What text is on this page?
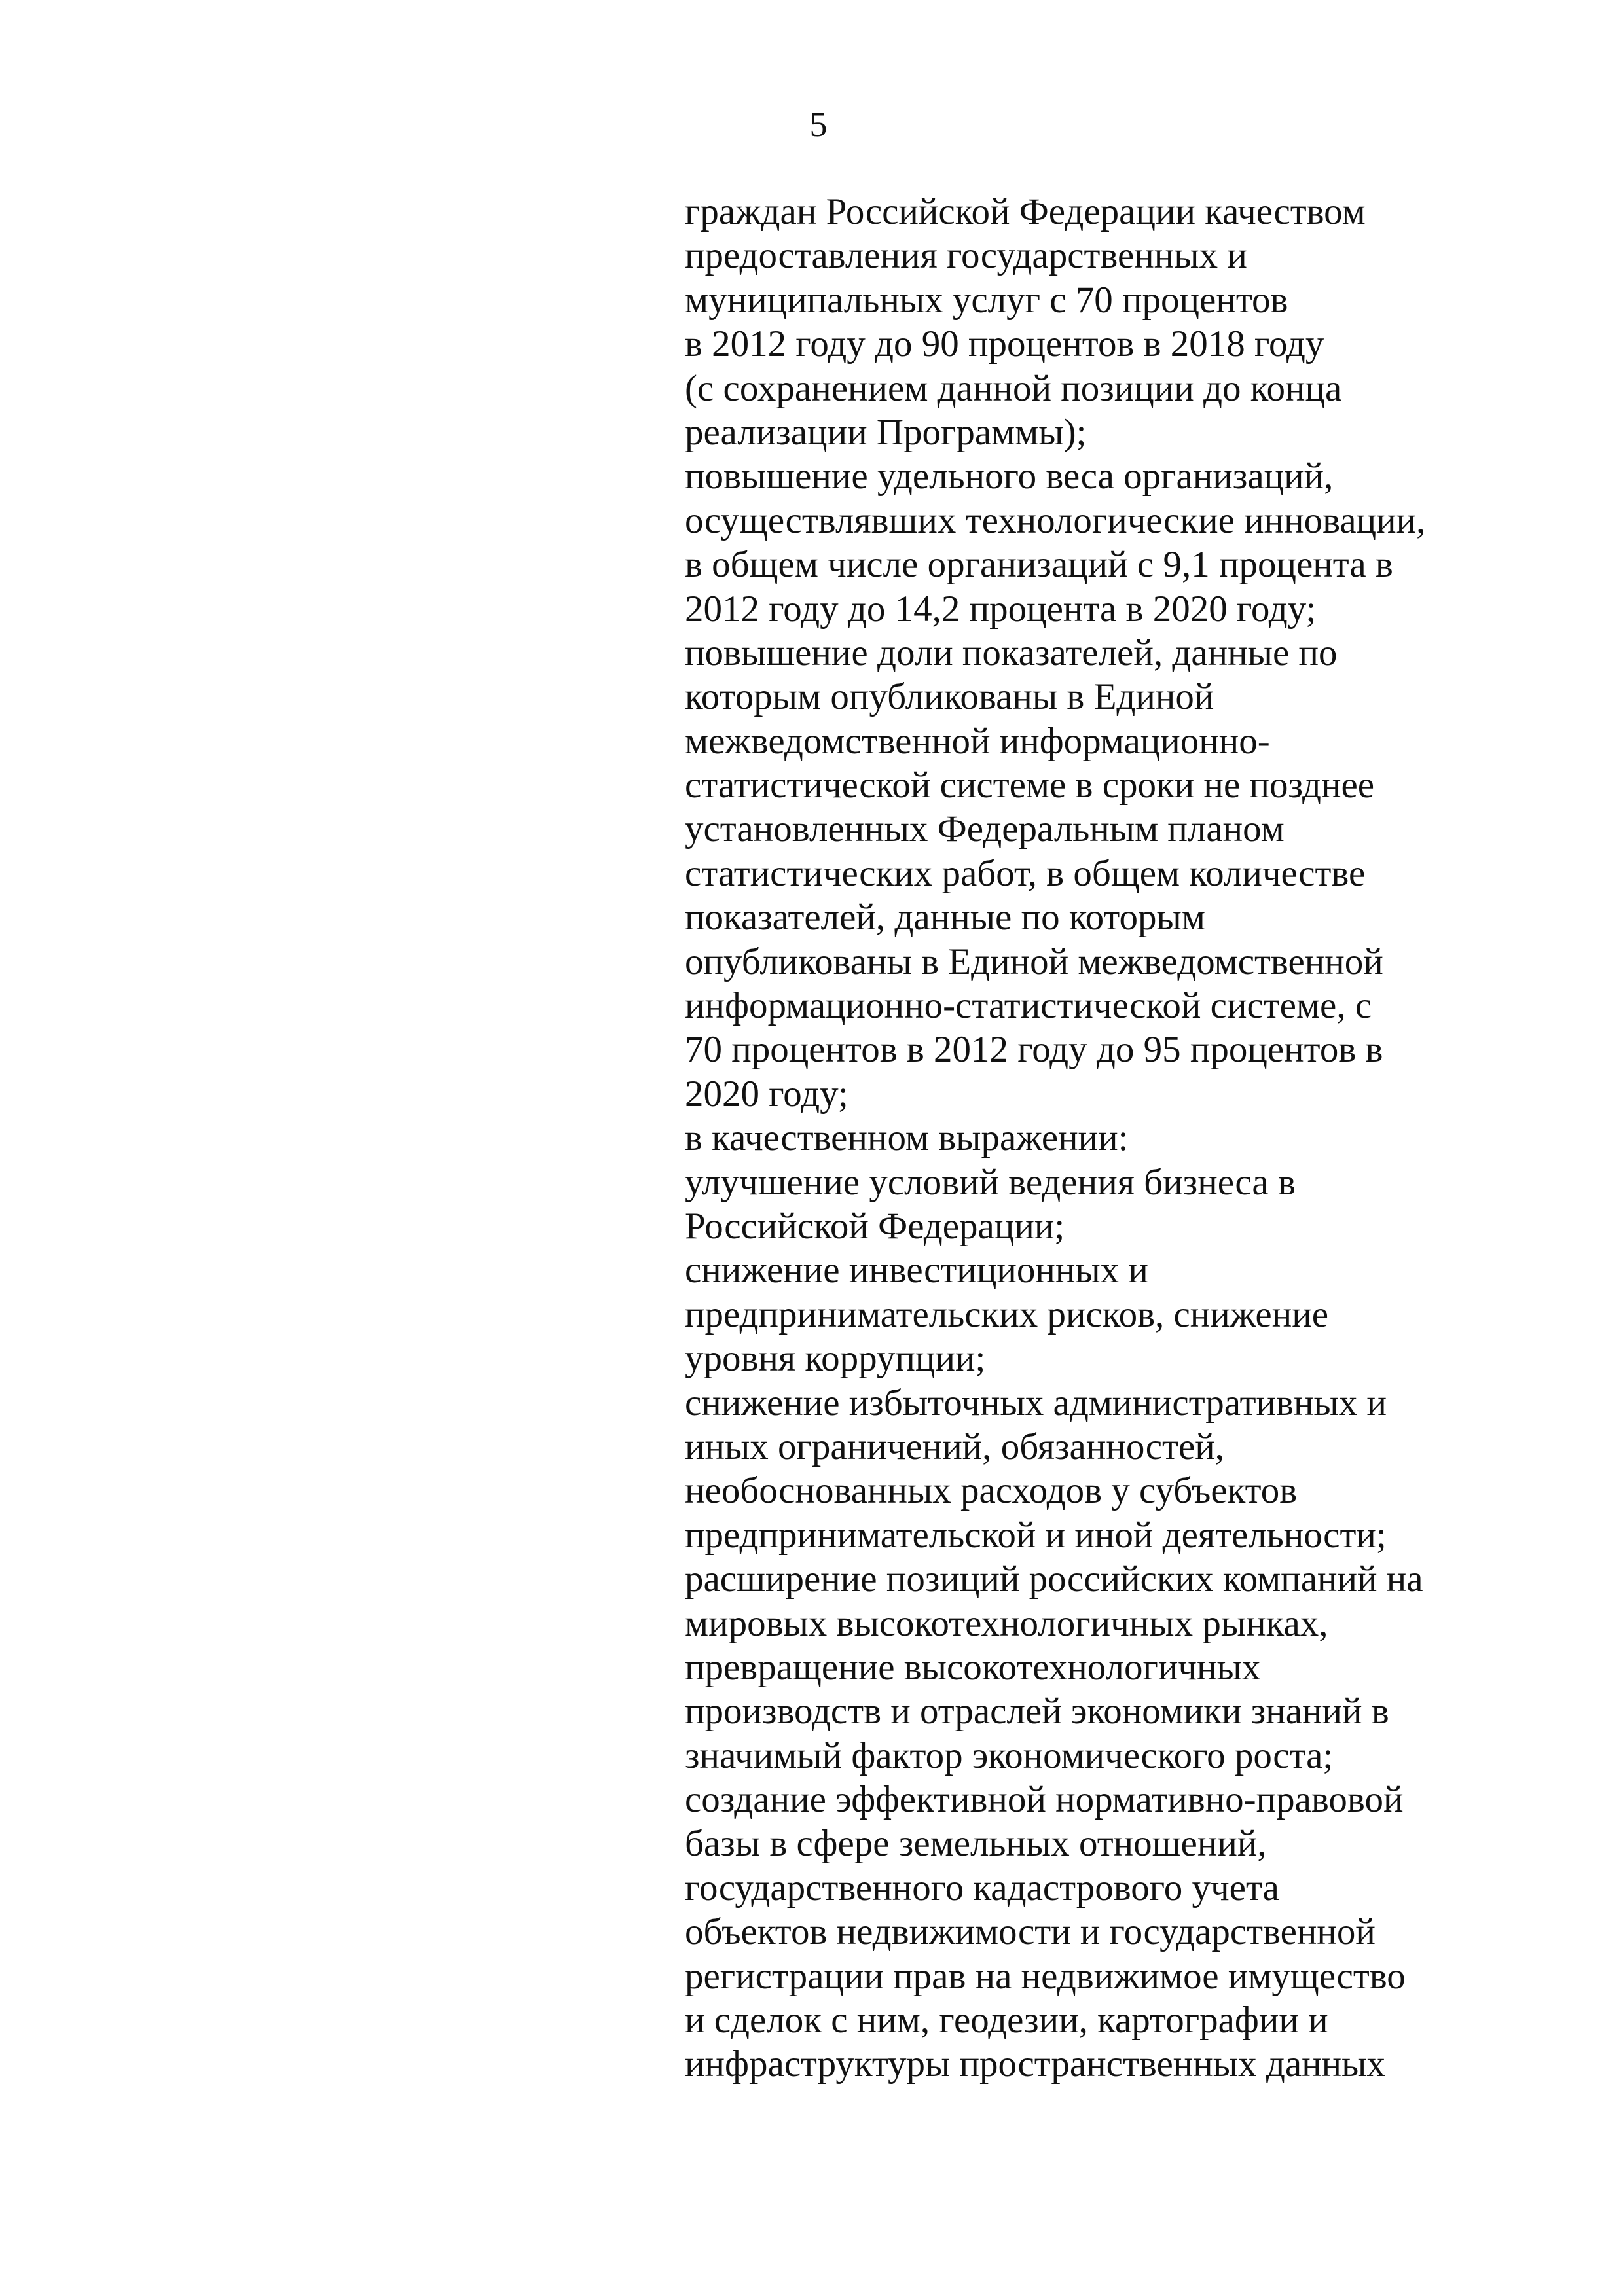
5
граждан Российской Федерации качеством
предоставления государственных и
муниципальных услуг с 70 процентов
в 2012 году до 90 процентов в 2018 году
(с сохранением данной позиции до конца
реализации Программы);
повышение удельного веса организаций,
осуществлявших технологические инновации,
в общем числе организаций с 9,1 процента в
2012 году до 14,2 процента в 2020 году;
повышение доли показателей, данные по
которым опубликованы в Единой
межведомственной информационно-
статистической системе в сроки не позднее
установленных Федеральным планом
статистических работ, в общем количестве
показателей, данные по которым
опубликованы в Единой межведомственной
информационно-статистической системе, с
70 процентов в 2012 году до 95 процентов в
2020 году;
в качественном выражении:
улучшение условий ведения бизнеса в
Российской Федерации;
снижение инвестиционных и
предпринимательских рисков, снижение
уровня коррупции;
снижение избыточных административных и
иных ограничений, обязанностей,
необоснованных расходов у субъектов
предпринимательской и иной деятельности;
расширение позиций российских компаний на
мировых высокотехнологичных рынках,
превращение высокотехнологичных
производств и отраслей экономики знаний в
значимый фактор экономического роста;
создание эффективной нормативно-правовой
базы в сфере земельных отношений,
государственного кадастрового учета
объектов недвижимости и государственной
регистрации прав на недвижимое имущество
и сделок с ним, геодезии, картографии и
инфраструктуры пространственных данных
